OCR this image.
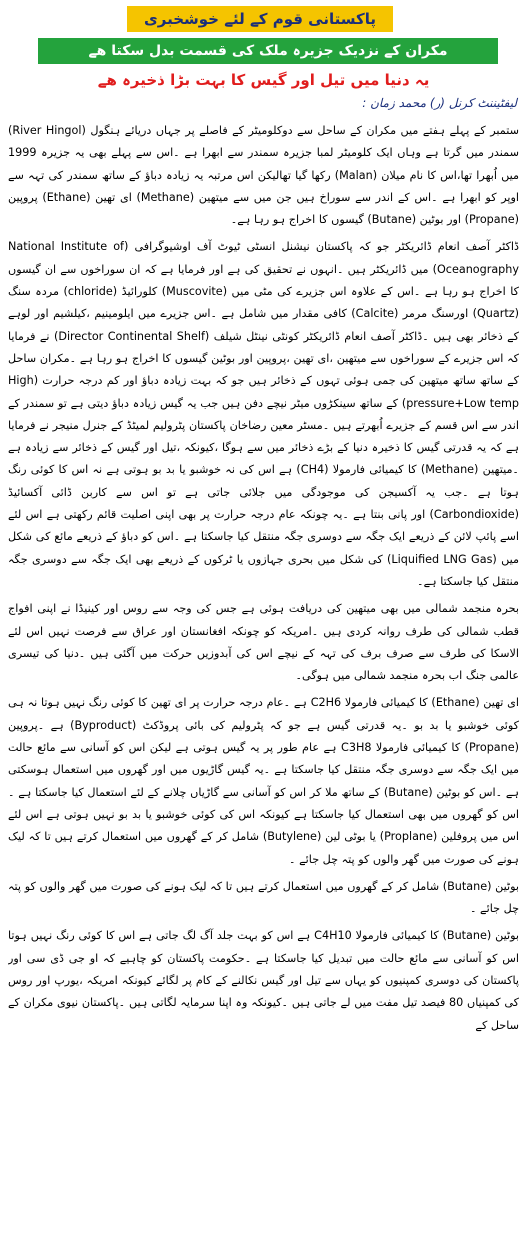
پاکستانی قوم کے لئے خوشخبری
مکران کے نزدیک جزیرہ ملک کی قسمت بدل سکتا ھے
یہ دنیا میں تیل اور گیس کا بہت بڑا ذخیرہ ھے
لیفٹیننٹ کرنل (ر) محمد زمان :

ستمبر کے پہلے ہفتے میں مکران کے ساحل سے دوکلومیٹر کے فاصلے پر جہاں دریائے ہنگول (River Hingol) سمندر میں گرتا ہے وہاں ایک کلومیٹر لمبا جزیرہ سمندر سے ابھرا ہے ۔اس سے پہلے بھی یہ جزیرہ 1999 میں اُبھرا تھا،اس کا نام میلان (Malan) رکھا گیا تھالیکن اس مرتبہ یہ زیادہ دباؤ کے ساتھ سمندر کی تہہ سے اوپر کو ابھرا ہے ۔اس کے اندر سے سوراخ ہیں جن میں سے میتھین (Methane) ای تھین (Ethane) پروپین (Propane) اور بوٹین (Butane) گیسوں کا اخراج ہو رہا ہے۔

ڈاکٹر آصف انعام ڈائریکٹر جو کہ پاکستان نیشنل انسٹی ٹیوٹ آف اوشیوگرافی (National Institute of Oceanography) میں ڈائریکٹر ہیں ۔انہوں نے تحقیق کی ہے اور فرمایا ہے کہ ان سوراخوں سے ان گیسوں کا اخراج ہو رہا ہے ۔اس کے علاوہ اس جزیرے کی مٹی میں (Muscovite) کلورائیڈ (chloride) مردہ سنگ (Quartz) اورسنگ مرمر (Calcite) کافی مقدار میں شامل ہے ۔اس جزیرے میں ایلومینیم ،کیلشیم اور لوہے کے ذخائر بھی ہیں ۔ڈاکٹر آصف انعام ڈائریکٹر کونٹی نینٹل شیلف (Director Continental Shelf) نے فرمایا کہ اس جزیرے کے سوراخوں سے میتھین ،ای تھین ،پروپین اور بوٹین گیسوں کا اخراج ہو رہا ہے ۔مکران ساحل کے ساتھ ساتھ میتھین کی جمی ہوئی تہوں کے ذخائر ہیں جو کہ بہت زیادہ دباؤ اور کم درجہ حرارت (High pressure+Low temp) کے ساتھ سینکڑوں میٹر نیچے دفن ہیں جب یہ گیس زیادہ دباؤ دیتی ہے تو سمندر کے اندر سے اس قسم کے جزیرے اُبھرتے ہیں ۔مسٹر معین رضاخان پاکستان پٹرولیم لمیٹڈ کے جنرل منیجر نے فرمایا ہے کہ یہ قدرتی گیس کا ذخیرہ دنیا کے بڑے ذخائر میں سے ہوگا ،کیونکہ ،تیل اور گیس کے ذخائر سے زیادہ ہے ۔میتھین (Methane) کا کیمیائی فارمولا (CH4) ہے اس کی نہ خوشبو یا بد بو ہوتی ہے نہ اس کا کوئی رنگ ہوتا ہے ۔جب یہ آکسیجن کی موجودگی میں جلائی جاتی ہے تو اس سے کاربن ڈائی آکسائیڈ (Carbondioxide) اور پانی بنتا ہے ۔یہ چونکہ عام درجہ حرارت پر بھی اپنی اصلیت قائم رکھتی ہے اس لئے اسے پائپ لائن کے ذریعے ایک جگہ سے دوسری جگہ منتقل کیا جاسکتا ہے ۔اس کو دباؤ کے ذریعے مائع کی شکل میں (Liquified LNG Gas) کی شکل میں بحری جہازوں یا ٹرکوں کے ذریعے بھی ایک جگہ سے دوسری جگہ منتقل کیا جاسکتا ہے۔

بحرہ منجمد شمالی میں بھی میتھین کی دریافت ہوئی ہے جس کی وجہ سے روس اور کینیڈا نے اپنی افواج قطب شمالی کی طرف روانہ کردی ہیں ۔امریکہ کو چونکہ افغانستان اور عراق سے فرصت نہیں اس لئے الاسکا کی طرف سے صرف برف کی تہہ کے نیچے اس کی آبدوزیں حرکت میں آگئی ہیں ۔دنیا کی تیسری عالمی جنگ اب بحرہ منجمد شمالی میں ہوگی۔

ای تھین (Ethane) کا کیمیائی فارمولا C2H6 ہے ۔عام درجہ حرارت پر ای تھین کا کوئی رنگ نہیں ہوتا نہ ہی کوئی خوشبو یا بد بو ۔یہ قدرتی گیس ہے جو کہ پٹرولیم کی بائی پروڈکٹ (Byproduct) ہے ۔پروپین (Propane) کا کیمیائی فارمولا C3H8 ہے عام طور پر یہ گیس ہوتی ہے لیکن اس کو آسانی سے مائع حالت میں ایک جگہ سے دوسری جگہ منتقل کیا جاسکتا ہے ۔یہ گیس گاڑیوں میں اور گھروں میں استعمال ہوسکتی ہے ۔اس کو بوٹین (Butane) کے ساتھ ملا کر اس کو آسانی سے گاڑیاں چلانے کے لئے استعمال کیا جاسکتا ہے ۔اس کو گھروں میں بھی استعمال کیا جاسکتا ہے کیونکہ اس کی کوئی خوشبو یا بد بو نہیں ہوتی ہے اس لئے اس میں پروفلین (Proplane) یا بوٹی لین (Butylene) شامل کر کے گھروں میں استعمال کرتے ہیں تا کہ لیک ہونے کی صورت میں گھر والوں کو پتہ چل جائے ۔

بوٹین (Butane) شامل کر کے گھروں میں استعمال کرتے ہیں تا کہ لیک ہونے کی صورت میں گھر والوں کو پتہ چل جائے ۔

بوٹین (Butane) کا کیمیائی فارمولا C4H10 ہے اس کو بہت جلد آگ لگ جاتی ہے اس کا کوئی رنگ نہیں ہوتا اس کو آسانی سے مائع حالت میں تبدیل کیا جاسکتا ہے ۔حکومت پاکستان کو چاہیے کہ او جی ڈی سی اور پاکستان کی دوسری کمپنیوں کو یہاں سے تیل اور گیس نکالنے کے کام پر لگائے کیونکہ امریکہ ،یورپ اور روس کی کمپنیاں 80 فیصد تیل مفت میں لے جاتی ہیں ۔کیونکہ وہ اپنا سرمایہ لگاتی ہیں ۔پاکستان نیوی مکران کے ساحل کے
